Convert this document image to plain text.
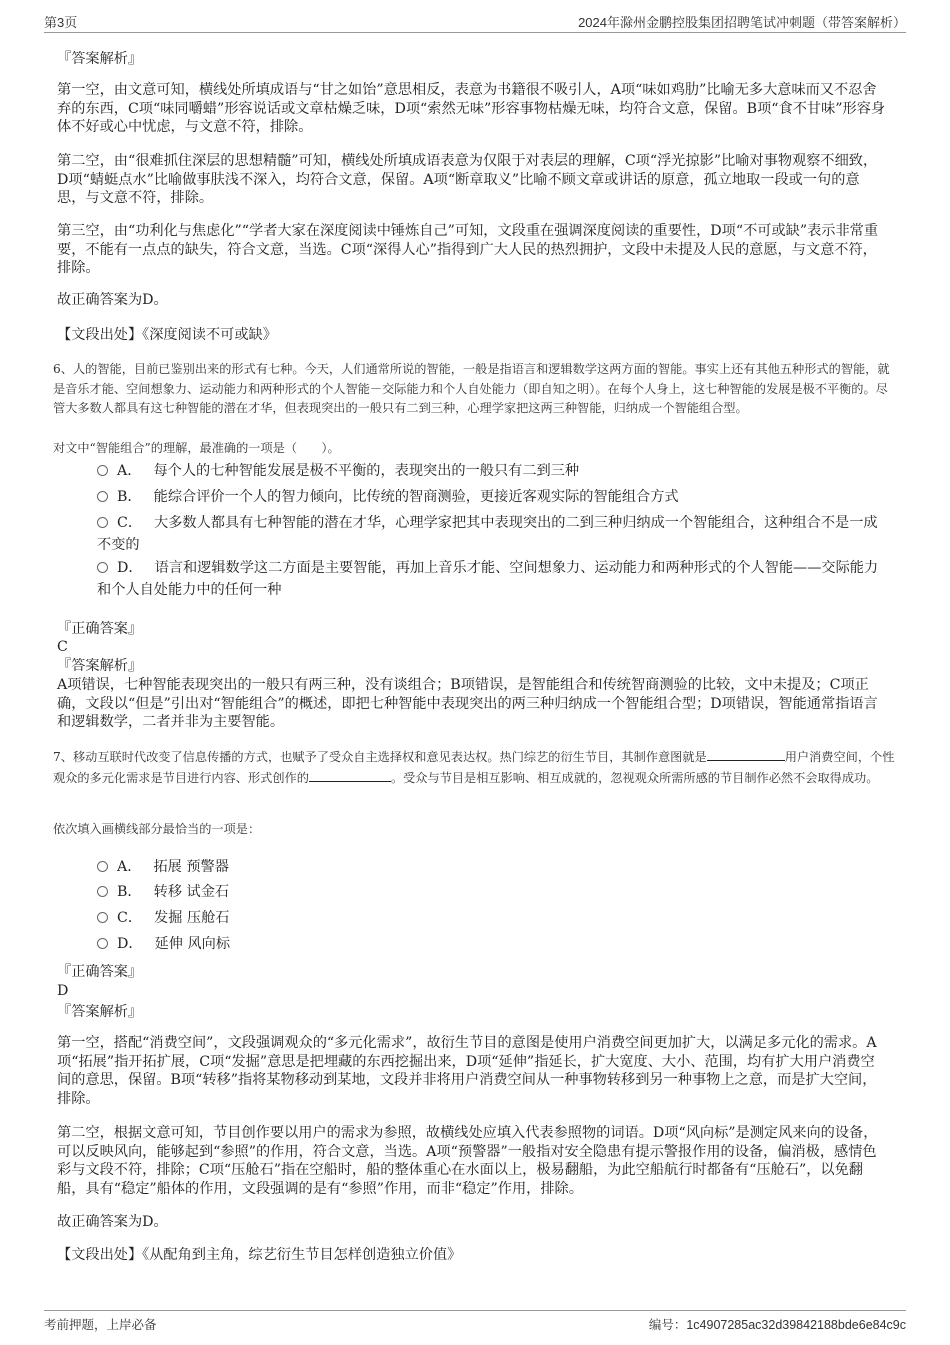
第3页	2024年滁州金鹏控股集团招聘笔试冲刺题（带答案解析）
『答案解析』
第一空，由文意可知，横线处所填成语与“甘之如饴”意思相反，表意为书籍很不吸引人，A项“味如鸡肋”比喻无多大意味而又不忍舍弃的东西，C项“味同嚼蜡”形容说话或文章枯燥乏味，D项“索然无味”形容事物枯燥无味，均符合文意，保留。B项“食不甘味”形容身体不好或心中忧虑，与文意不符，排除。
第二空，由“很难抓住深层的思想精髓”可知，横线处所填成语表意为仅限于对表层的理解，C项“浮光掠影”比喻对事物观察不细致，D项“蜻蜓点水”比喻做事肤浅不深入，均符合文意，保留。A项“断章取义”比喻不顾文章或讲话的原意，孤立地取一段或一句的意思，与文意不符，排除。
第三空，由“功利化与焦虑化”“学者大家在深度阅读中锤炼自己”可知，文段重在强调深度阅读的重要性，D项“不可或缺”表示非常重要，不能有一点点的缺失，符合文意，当选。C项“深得人心”指得到广大人民的热烈拥护，文段中未提及人民的意愿，与文意不符，排除。
故正确答案为D。
【文段出处】《深度阅读不可或缺》
6、人的智能，目前已鉴别出来的形式有七种。今天，人们通常所说的智能，一般是指语言和逻辑数学这两方面的智能。事实上还有其他五种形式的智能，就是音乐才能、空间想象力、运动能力和两种形式的个人智能－交际能力和个人自处能力（即自知之明）。在每个人身上，这七种智能的发展是极不平衡的。尽管大多数人都具有这七种智能的潜在才华，但表现突出的一般只有二到三种，心理学家把这两三种智能，归纳成一个智能组合型。
对文中“智能组合”的理解，最准确的一项是（　　）。
A． 每个人的七种智能发展是极不平衡的，表现突出的一般只有二到三种
B． 能综合评价一个人的智力倾向，比传统的智商测验，更接近客观实际的智能组合方式
C． 大多数人都具有七种智能的潜在才华，心理学家把其中表现突出的二到三种归纳成一个智能组合，这种组合不是一成不变的
D． 语言和逻辑数学这二方面是主要智能，再加上音乐才能、空间想象力、运动能力和两种形式的个人智能——交际能力和个人自处能力中的任何一种
『正确答案』
C
『答案解析』
A项错误，七种智能表现突出的一般只有两三种，没有谈组合；B项错误，是智能组合和传统智商测验的比较，文中未提及；C项正确，文段以“但是”引出对“智能组合”的概述，即把七种智能中表现突出的两三种归纳成一个智能组合型；D项错误，智能通常指语言和逻辑数学，二者并非为主要智能。
7、移动互联时代改变了信息传播的方式，也赋予了受众自主选择权和意见表达权。热门综艺的衍生节目，其制作意图就是	用户消费空间，个性观众的多元化需求是节目进行内容、形式创作的	。受众与节目是相互影响、相互成就的，忽视观众所需所感的节目制作必然不会取得成功。
依次填入画横线部分最恰当的一项是：
A． 拓展 预警器
B． 转移 试金石
C． 发掘 压舱石
D． 延伸 风向标
『正确答案』
D
『答案解析』
第一空，搭配“消费空间”，文段强调观众的“多元化需求”，故衍生节目的意图是使用户消费空间更加扩大，以满足多元化的需求。A项“拓展”指开拓扩展，C项“发掘”意思是把埋藏的东西挖掘出来，D项“延伸”指延长，扩大宽度、大小、范围，均有扩大用户消费空间的意思，保留。B项“转移”指将某物移动到某地，文段并非将用户消费空间从一种事物转移到另一种事物上之意，而是扩大空间，排除。
第二空，根据文意可知，节目创作要以用户的需求为参照，故横线处应填入代表参照物的词语。D项“风向标”是测定风来向的设备，可以反映风向，能够起到“参照”的作用，符合文意，当选。A项“预警器”一般指对安全隐患有提示警报作用的设备，偏消极，感情色彩与文段不符，排除；C项“压舱石”指在空船时，船的整体重心在水面以上，极易翻船，为此空船航行时都备有“压舱石”，以免翻船，具有“稳定”船体的作用，文段强调的是有“参照”作用，而非“稳定”作用，排除。
故正确答案为D。
【文段出处】《从配角到主角，综艺衍生节目怎样创造独立价值》
考前押题，上岸必备	编号：1c4907285ac32d39842188bde6e84c9c
